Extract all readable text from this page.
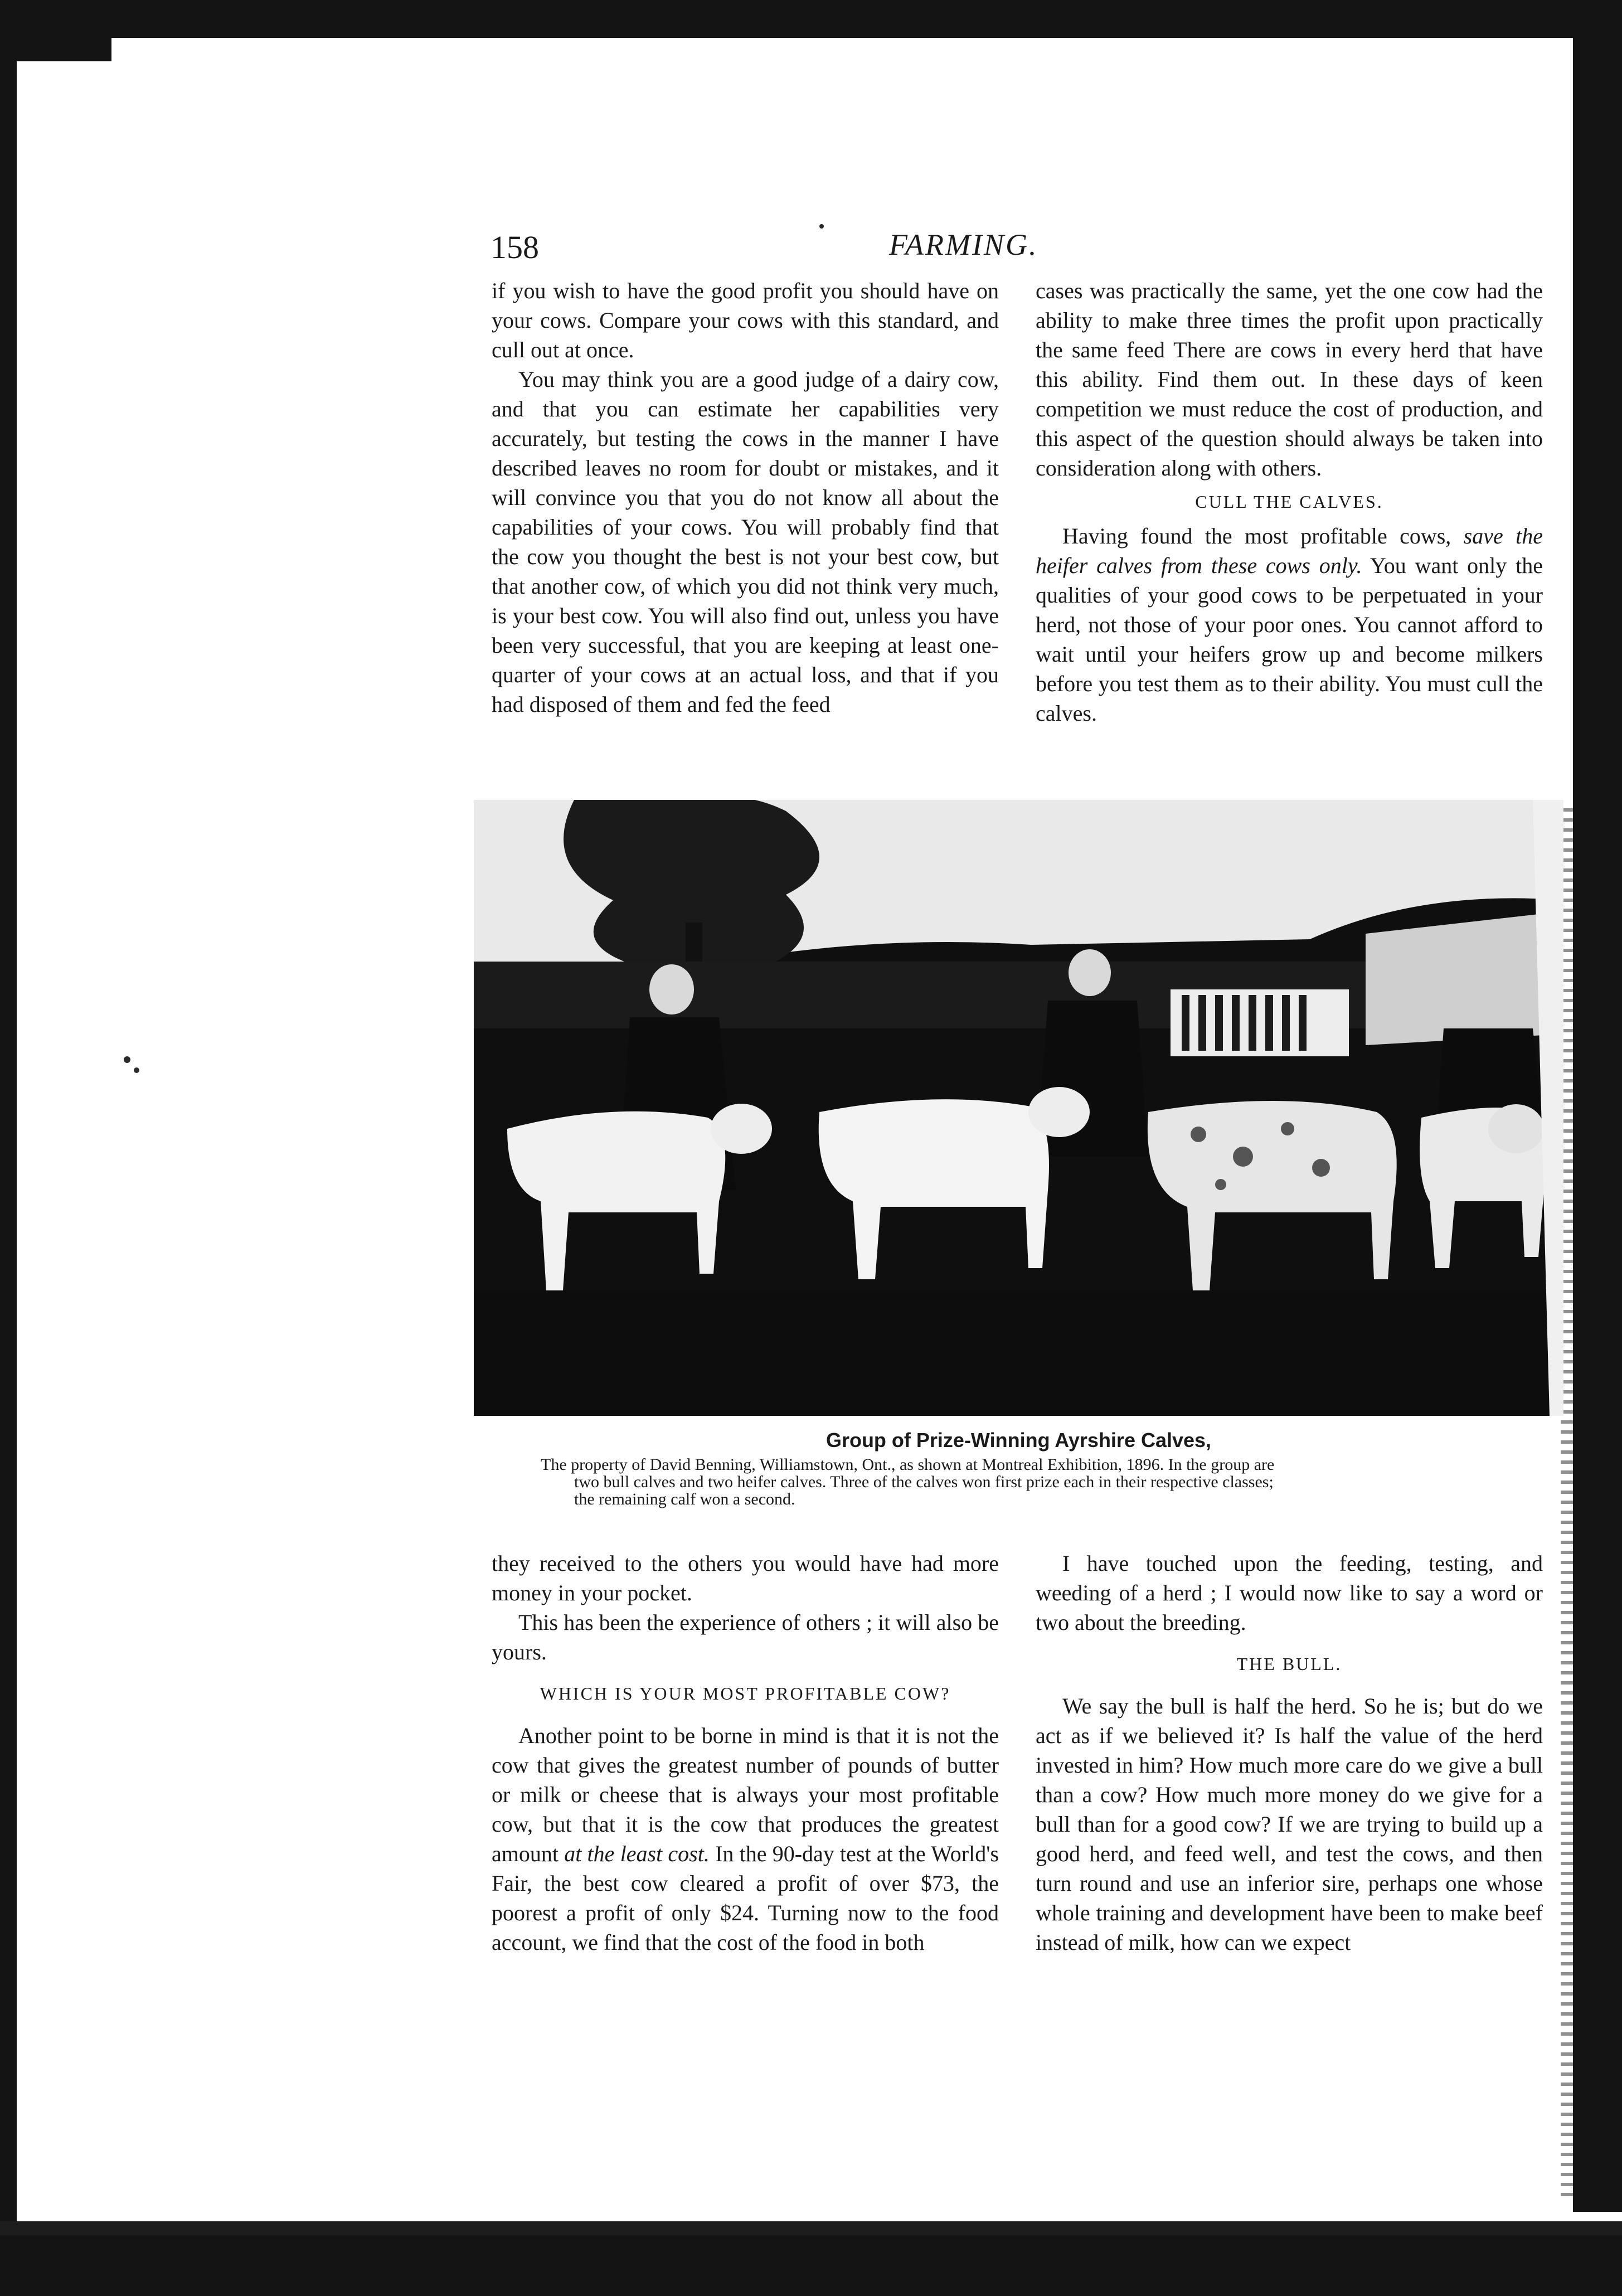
158	FARMING.

if you wish to have the good profit you should have on your cows. Compare your cows with this standard, and cull out at once.

You may think you are a good judge of a dairy cow, and that you can estimate her capabilities very accurately, but testing the cows in the manner I have described leaves no room for doubt or mistakes, and it will convince you that you do not know all about the capabilities of your cows. You will probably find that the cow you thought the best is not your best cow, but that another cow, of which you did not think very much, is your best cow. You will also find out, unless you have been very successful, that you are keeping at least one-quarter of your cows at an actual loss, and that if you had disposed of them and fed the feed

cases was practically the same, yet the one cow had the ability to make three times the profit upon practically the same feed There are cows in every herd that have this ability. Find them out. In these days of keen competition we must reduce the cost of production, and this aspect of the question should always be taken into consideration along with others.

CULL THE CALVES.

Having found the most profitable cows, save the heifer calves from these cows only. You want only the qualities of your good cows to be perpetuated in your herd, not those of your poor ones. You cannot afford to wait until your heifers grow up and become milkers before you test them as to their ability. You must cull the calves.

Group of Prize-Winning Ayrshire Calves,

The property of David Benning, Williamstown, Ont., as shown at Montreal Exhibition, 1896. In the group are

two bull calves and two heifer calves. Three of the calves won first prize each in their respective classes;

the remaining calf won a second.

they received to the others you would have had more money in your pocket.

This has been the experience of others ; it will also be yours.

WHICH IS YOUR MOST PROFITABLE COW?

Another point to be borne in mind is that it is not the cow that gives the greatest number of pounds of butter or milk or cheese that is always your most profitable cow, but that it is the cow that produces the greatest amount at the least cost. In the 90-day test at the World's Fair, the best cow cleared a profit of over $73, the poorest a profit of only $24. Turning now to the food account, we find that the cost of the food in both

I have touched upon the feeding, testing, and weeding of a herd ; I would now like to say a word or two about the breeding.

THE BULL.

We say the bull is half the herd. So he is; but do we act as if we believed it? Is half the value of the herd invested in him? How much more care do we give a bull than a cow? How much more money do we give for a bull than for a good cow? If we are trying to build up a good herd, and feed well, and test the cows, and then turn round and use an inferior sire, perhaps one whose whole training and development have been to make beef instead of milk, how can we expect
